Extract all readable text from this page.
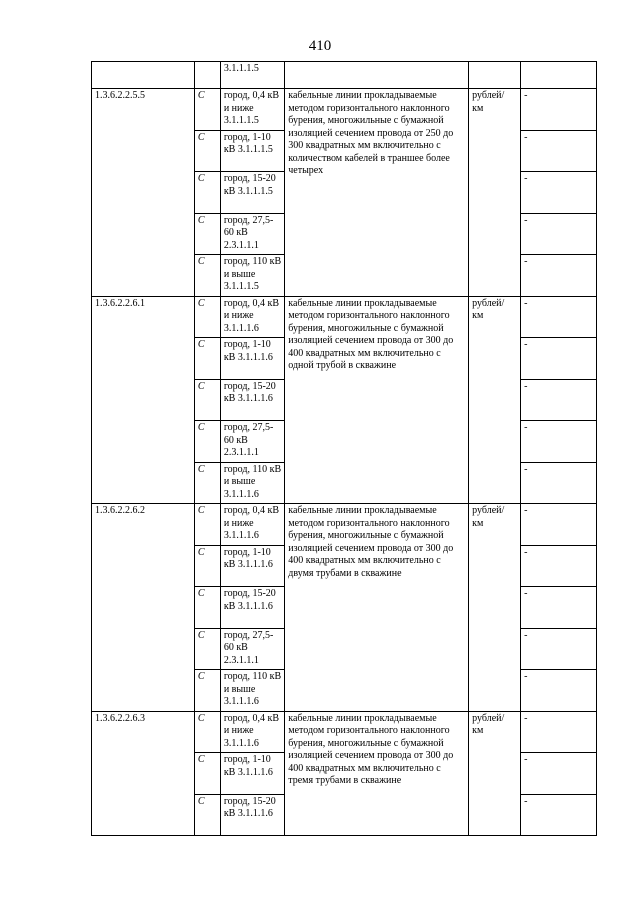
410
		3.1.1.1.5			
1.3.6.2.2.5.5	С	город, 0,4 кВ и ниже 3.1.1.1.5	кабельные линии прокладываемые методом горизонтального наклонного бурения, многожильные с бумажной изоляцией сечением провода от 250 до 300 квадратных мм включительно с количеством кабелей в траншее более четырех	рублей/ км	-
	С	город, 1-10 кВ 3.1.1.1.5			-
	С	город, 15-20 кВ 3.1.1.1.5			-
	С	город, 27,5-60 кВ 2.3.1.1.1			-
	С	город, 110 кВ и выше 3.1.1.1.5			-
1.3.6.2.2.6.1	С	город, 0,4 кВ и ниже 3.1.1.1.6	кабельные линии прокладываемые методом горизонтального наклонного бурения, многожильные с бумажной изоляцией сечением провода от 300 до 400 квадратных мм включительно с одной трубой в скважине	рублей/ км	-
	С	город, 1-10 кВ 3.1.1.1.6			-
	С	город, 15-20 кВ 3.1.1.1.6			-
	С	город, 27,5-60 кВ 2.3.1.1.1			-
	С	город, 110 кВ и выше 3.1.1.1.6			-
1.3.6.2.2.6.2	С	город, 0,4 кВ и ниже 3.1.1.1.6	кабельные линии прокладываемые методом горизонтального наклонного бурения, многожильные с бумажной изоляцией сечением провода от 300 до 400 квадратных мм включительно с двумя трубами в скважине	рублей/ км	-
	С	город, 1-10 кВ 3.1.1.1.6			-
	С	город, 15-20 кВ 3.1.1.1.6			-
	С	город, 27,5-60 кВ 2.3.1.1.1			-
	С	город, 110 кВ и выше 3.1.1.1.6			-
1.3.6.2.2.6.3	С	город, 0,4 кВ и ниже 3.1.1.1.6	кабельные линии прокладываемые методом горизонтального наклонного бурения, многожильные с бумажной изоляцией сечением провода от 300 до 400 квадратных мм включительно с тремя трубами в скважине	рублей/ км	-
	С	город, 1-10 кВ 3.1.1.1.6			-
	С	город, 15-20 кВ 3.1.1.1.6			-
